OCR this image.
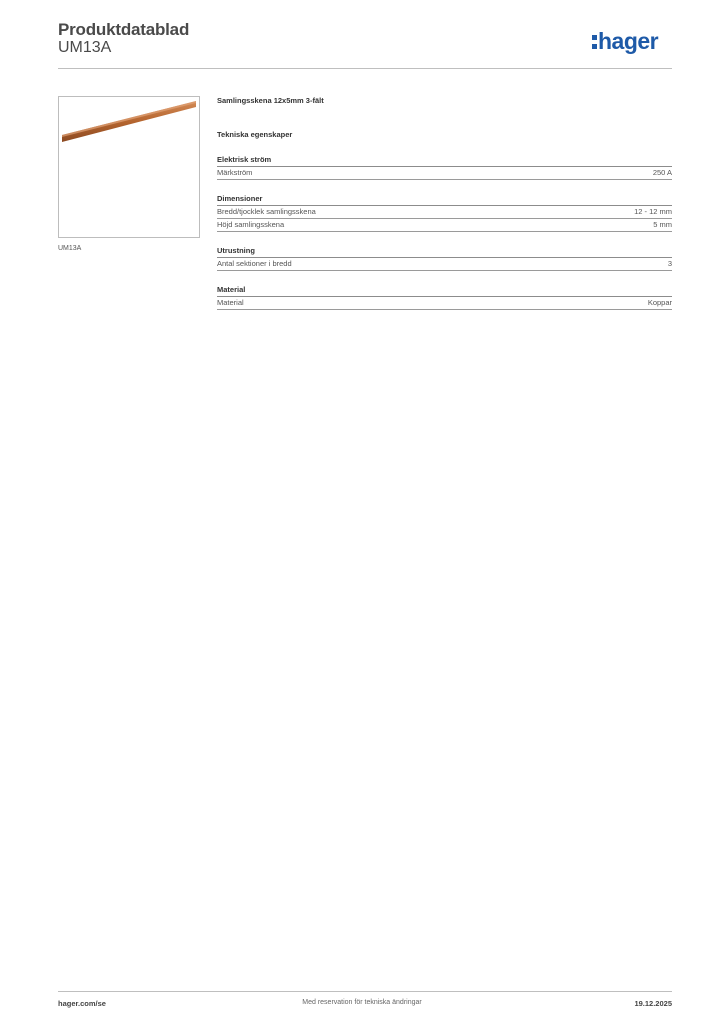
Produktdatablad
UM13A	hager
UM13A
Samlingsskena 12x5mm 3-fält
Tekniska egenskaper
Elektrisk ström
Märkström	250 A
Dimensioner
Bredd/tjocklek samlingsskena	12 - 12 mm
Höjd samlingsskena	5 mm
Utrustning
Antal sektioner i bredd	3
Material
Material	Koppar
hager.com/se	Med reservation för tekniska ändringar	19.12.2025
